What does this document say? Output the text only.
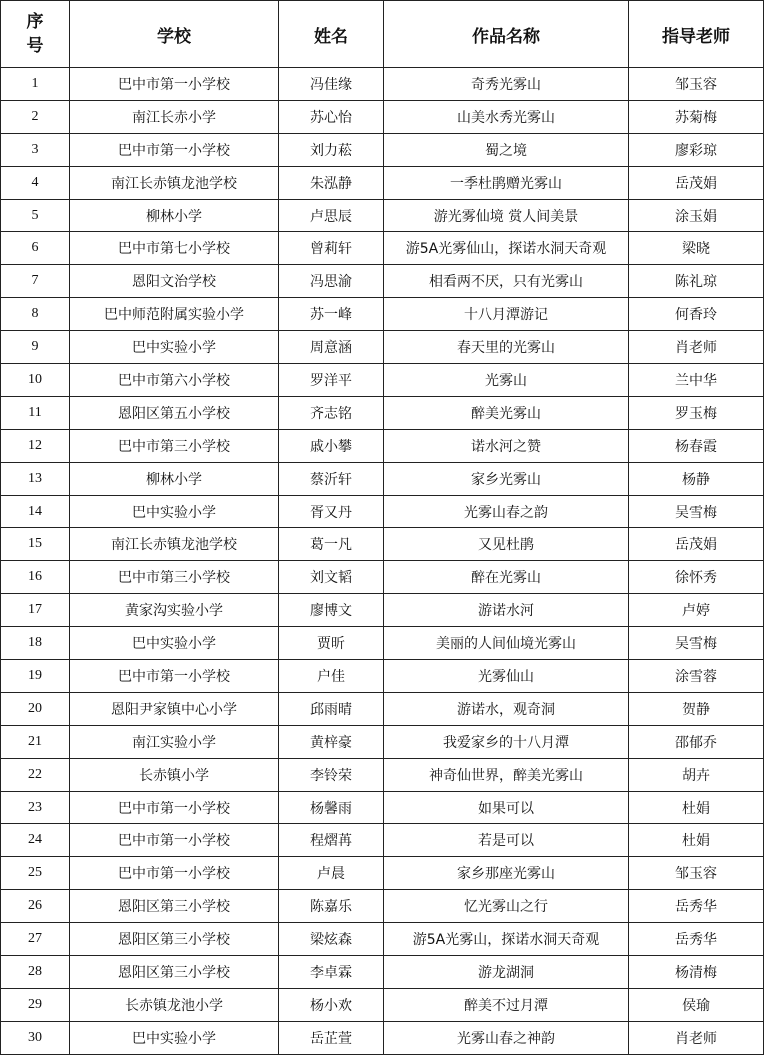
序
号	学校	姓名	作品名称	指导老师
1	巴中市第一小学校	冯佳缘	奇秀光雾山	邹玉容
2	南江长赤小学	苏心怡	山美水秀光雾山	苏菊梅
3	巴中市第一小学校	刘力菘	蜀之境	廖彩琼
4	南江长赤镇龙池学校	朱泓静	一季杜鹃赠光雾山	岳茂娟
5	柳林小学	卢思辰	游光雾仙境 赏人间美景	涂玉娟
6	巴中市第七小学校	曾莉轩	游5A光雾仙山，探诺水洞天奇观	梁晓
7	恩阳文治学校	冯思渝	相看两不厌，只有光雾山	陈礼琼
8	巴中师范附属实验小学	苏一峰	十八月潭游记	何香玲
9	巴中实验小学	周意涵	春天里的光雾山	肖老师
10	巴中市第六小学校	罗洋平	光雾山	兰中华
11	恩阳区第五小学校	齐志铭	醉美光雾山	罗玉梅
12	巴中市第三小学校	戚小攀	诺水河之赞	杨春霞
13	柳林小学	蔡沂轩	家乡光雾山	杨静
14	巴中实验小学	胥又丹	光雾山春之韵	吴雪梅
15	南江长赤镇龙池学校	葛一凡	又见杜鹃	岳茂娟
16	巴中市第三小学校	刘文韬	醉在光雾山	徐怀秀
17	黄家沟实验小学	廖博文	游诺水河	卢婷
18	巴中实验小学	贾昕	美丽的人间仙境光雾山	吴雪梅
19	巴中市第一小学校	户佳	光雾仙山	涂雪蓉
20	恩阳尹家镇中心小学	邱雨晴	游诺水，观奇洞	贺静
21	南江实验小学	黄梓豪	我爱家乡的十八月潭	邵郁乔
22	长赤镇小学	李铃荣	神奇仙世界，醉美光雾山	胡卉
23	巴中市第一小学校	杨馨雨	如果可以	杜娟
24	巴中市第一小学校	程熠苒	若是可以	杜娟
25	巴中市第一小学校	卢晨	家乡那座光雾山	邹玉容
26	恩阳区第三小学校	陈嘉乐	忆光雾山之行	岳秀华
27	恩阳区第三小学校	梁炫森	游5A光雾山，探诺水洞天奇观	岳秀华
28	恩阳区第三小学校	李卓霖	游龙湖洞	杨清梅
29	长赤镇龙池小学	杨小欢	醉美不过月潭	侯瑜
30	巴中实验小学	岳芷萱	光雾山春之神韵	肖老师
